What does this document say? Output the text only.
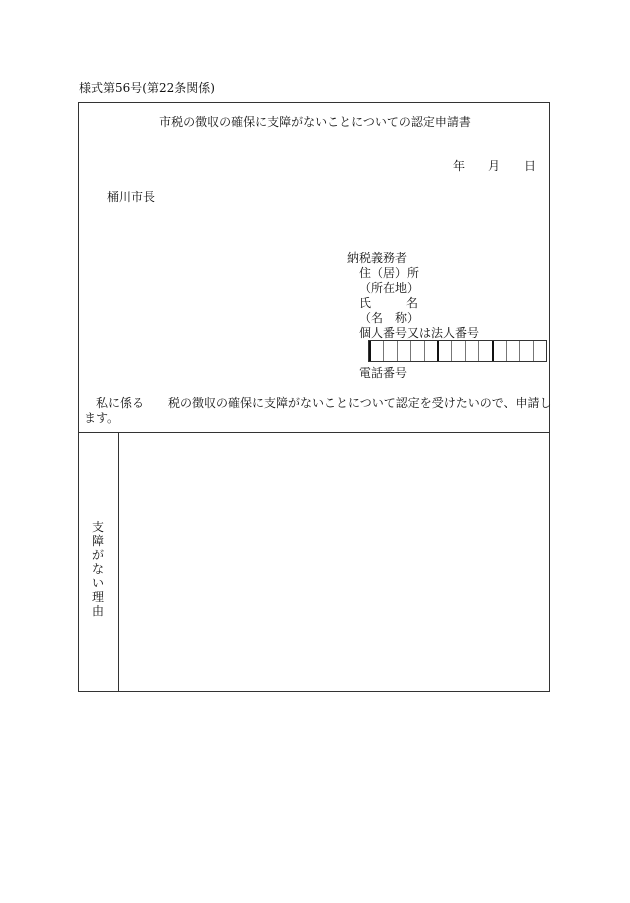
様式第56号(第22条関係)
市税の徴収の確保に支障がないことについての認定申請書
年 月 日
桶川市長
納税義務者
住（居）所
（所在地）
氏	名
（名　称）
個人番号又は法人番号
電話番号
私に係る 税の徴収の確保に支障がないことについて認定を受けたいので、申請し
ます。
支障がない理由
